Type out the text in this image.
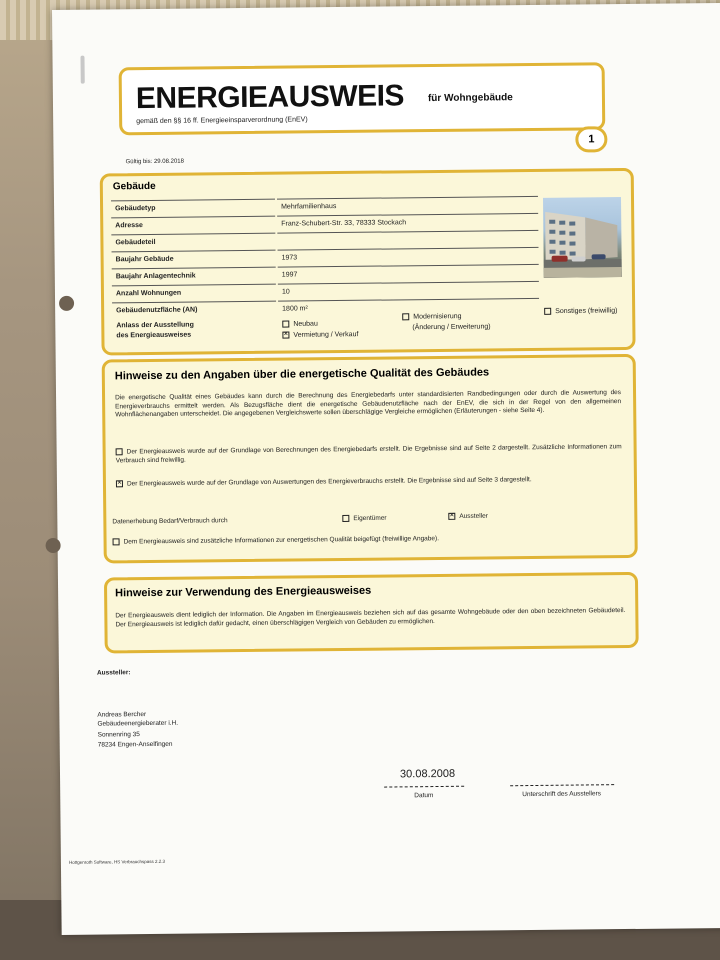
ENERGIEAUSWEIS für Wohngebäude
gemäß den §§ 16 ff. Energieeinsparverordnung (EnEV)
1
Gültig bis: 29.08.2018
Gebäude
Gebäudetyp	Mehrfamilienhaus
Adresse	Franz-Schubert-Str. 33, 78333 Stockach
Gebäudeteil
Baujahr Gebäude	1973
Baujahr Anlagentechnik	1997
Anzahl Wohnungen	10
Gebäudenutzfläche (AN)	1800 m²
Anlass der Ausstellung
des Energieausweises
Neubau
✕ Vermietung / Verkauf
Modernisierung
(Änderung / Erweiterung)
Sonstiges (freiwillig)
Hinweise zu den Angaben über die energetische Qualität des Gebäudes
Die energetische Qualität eines Gebäudes kann durch die Berechnung des Energiebedarfs unter standardisierten Randbedingungen oder durch die Auswertung des Energieverbrauchs ermittelt werden. Als Bezugsfläche dient die energetische Gebäudenutzfläche nach der EnEV, die sich in der Regel von den allgemeinen Wohnflächenangaben unterscheidet. Die angegebenen Vergleichswerte sollen überschlägige Vergleiche ermöglichen (Erläuterungen - siehe Seite 4).
Der Energieausweis wurde auf der Grundlage von Berechnungen des Energiebedarfs erstellt. Die Ergebnisse sind auf Seite 2 dargestellt. Zusätzliche Informationen zum Verbrauch sind freiwillig.
✕ Der Energieausweis wurde auf der Grundlage von Auswertungen des Energieverbrauchs erstellt. Die Ergebnisse sind auf Seite 3 dargestellt.
Datenerhebung Bedarf/Verbrauch durch	Eigentümer	✕ Aussteller
Dem Energieausweis sind zusätzliche Informationen zur energetischen Qualität beigefügt (freiwillige Angabe).
Hinweise zur Verwendung des Energieausweises
Der Energieausweis dient lediglich der Information. Die Angaben im Energieausweis beziehen sich auf das gesamte Wohngebäude oder den oben bezeichneten Gebäudeteil. Der Energieausweis ist lediglich dafür gedacht, einen überschlägigen Vergleich von Gebäuden zu ermöglichen.
Aussteller:
Andreas Bercher
Gebäudeenergieberater i.H.
Sonnenring 35
78234 Engen-Anselfingen
30.08.2008
Datum	Unterschrift des Ausstellers
Hottgenroth Software, HS Verbrauchspass 2.2.3
